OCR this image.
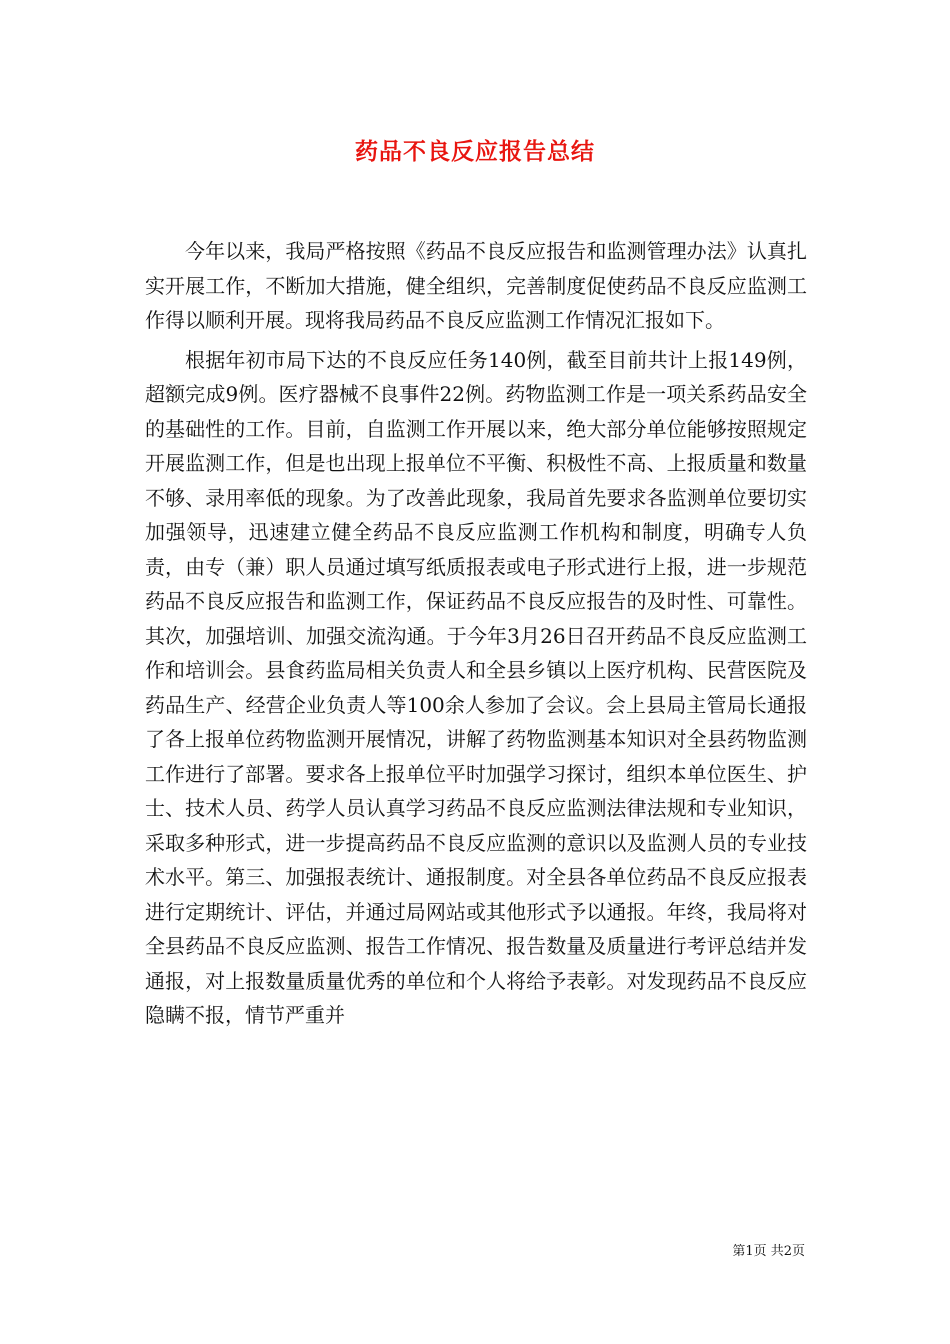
药品不良反应报告总结

今年以来，我局严格按照《药品不良反应报告和监测管理办法》认真扎实开展工作，不断加大措施，健全组织，完善制度促使药品不良反应监测工作得以顺利开展。现将我局药品不良反应监测工作情况汇报如下。

根据年初市局下达的不良反应任务140例，截至目前共计上报149例，超额完成9例。医疗器械不良事件22例。药物监测工作是一项关系药品安全的基础性的工作。目前，自监测工作开展以来，绝大部分单位能够按照规定开展监测工作，但是也出现上报单位不平衡、积极性不高、上报质量和数量不够、录用率低的现象。为了改善此现象，我局首先要求各监测单位要切实加强领导，迅速建立健全药品不良反应监测工作机构和制度，明确专人负责，由专（兼）职人员通过填写纸质报表或电子形式进行上报，进一步规范药品不良反应报告和监测工作，保证药品不良反应报告的及时性、可靠性。其次，加强培训、加强交流沟通。于今年3月26日召开药品不良反应监测工作和培训会。县食药监局相关负责人和全县乡镇以上医疗机构、民营医院及药品生产、经营企业负责人等100余人参加了会议。会上县局主管局长通报了各上报单位药物监测开展情况，讲解了药物监测基本知识对全县药物监测工作进行了部署。要求各上报单位平时加强学习探讨，组织本单位医生、护士、技术人员、药学人员认真学习药品不良反应监测法律法规和专业知识，采取多种形式，进一步提高药品不良反应监测的意识以及监测人员的专业技术水平。第三、加强报表统计、通报制度。对全县各单位药品不良反应报表进行定期统计、评估，并通过局网站或其他形式予以通报。年终，我局将对全县药品不良反应监测、报告工作情况、报告数量及质量进行考评总结并发通报，对上报数量质量优秀的单位和个人将给予表彰。对发现药品不良反应隐瞒不报，情节严重并

第1页 共2页
